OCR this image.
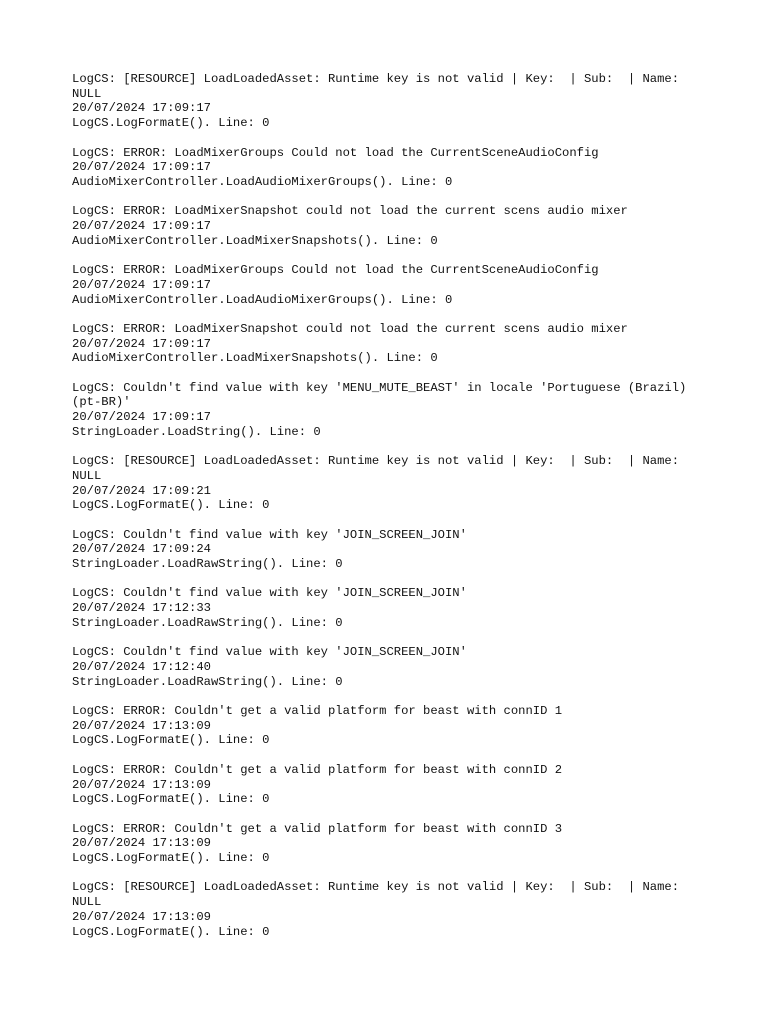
LogCS: [RESOURCE] LoadLoadedAsset: Runtime key is not valid | Key:  | Sub:  | Name: NULL
20/07/2024 17:09:17
LogCS.LogFormatE(). Line: 0
LogCS: ERROR: LoadMixerGroups Could not load the CurrentSceneAudioConfig
20/07/2024 17:09:17
AudioMixerController.LoadAudioMixerGroups(). Line: 0
LogCS: ERROR: LoadMixerSnapshot could not load the current scens audio mixer
20/07/2024 17:09:17
AudioMixerController.LoadMixerSnapshots(). Line: 0
LogCS: ERROR: LoadMixerGroups Could not load the CurrentSceneAudioConfig
20/07/2024 17:09:17
AudioMixerController.LoadAudioMixerGroups(). Line: 0
LogCS: ERROR: LoadMixerSnapshot could not load the current scens audio mixer
20/07/2024 17:09:17
AudioMixerController.LoadMixerSnapshots(). Line: 0
LogCS: Couldn't find value with key 'MENU_MUTE_BEAST' in locale 'Portuguese (Brazil) (pt-BR)'
20/07/2024 17:09:17
StringLoader.LoadString(). Line: 0
LogCS: [RESOURCE] LoadLoadedAsset: Runtime key is not valid | Key:  | Sub:  | Name: NULL
20/07/2024 17:09:21
LogCS.LogFormatE(). Line: 0
LogCS: Couldn't find value with key 'JOIN_SCREEN_JOIN'
20/07/2024 17:09:24
StringLoader.LoadRawString(). Line: 0
LogCS: Couldn't find value with key 'JOIN_SCREEN_JOIN'
20/07/2024 17:12:33
StringLoader.LoadRawString(). Line: 0
LogCS: Couldn't find value with key 'JOIN_SCREEN_JOIN'
20/07/2024 17:12:40
StringLoader.LoadRawString(). Line: 0
LogCS: ERROR: Couldn't get a valid platform for beast with connID 1
20/07/2024 17:13:09
LogCS.LogFormatE(). Line: 0
LogCS: ERROR: Couldn't get a valid platform for beast with connID 2
20/07/2024 17:13:09
LogCS.LogFormatE(). Line: 0
LogCS: ERROR: Couldn't get a valid platform for beast with connID 3
20/07/2024 17:13:09
LogCS.LogFormatE(). Line: 0
LogCS: [RESOURCE] LoadLoadedAsset: Runtime key is not valid | Key:  | Sub:  | Name: NULL
20/07/2024 17:13:09
LogCS.LogFormatE(). Line: 0
